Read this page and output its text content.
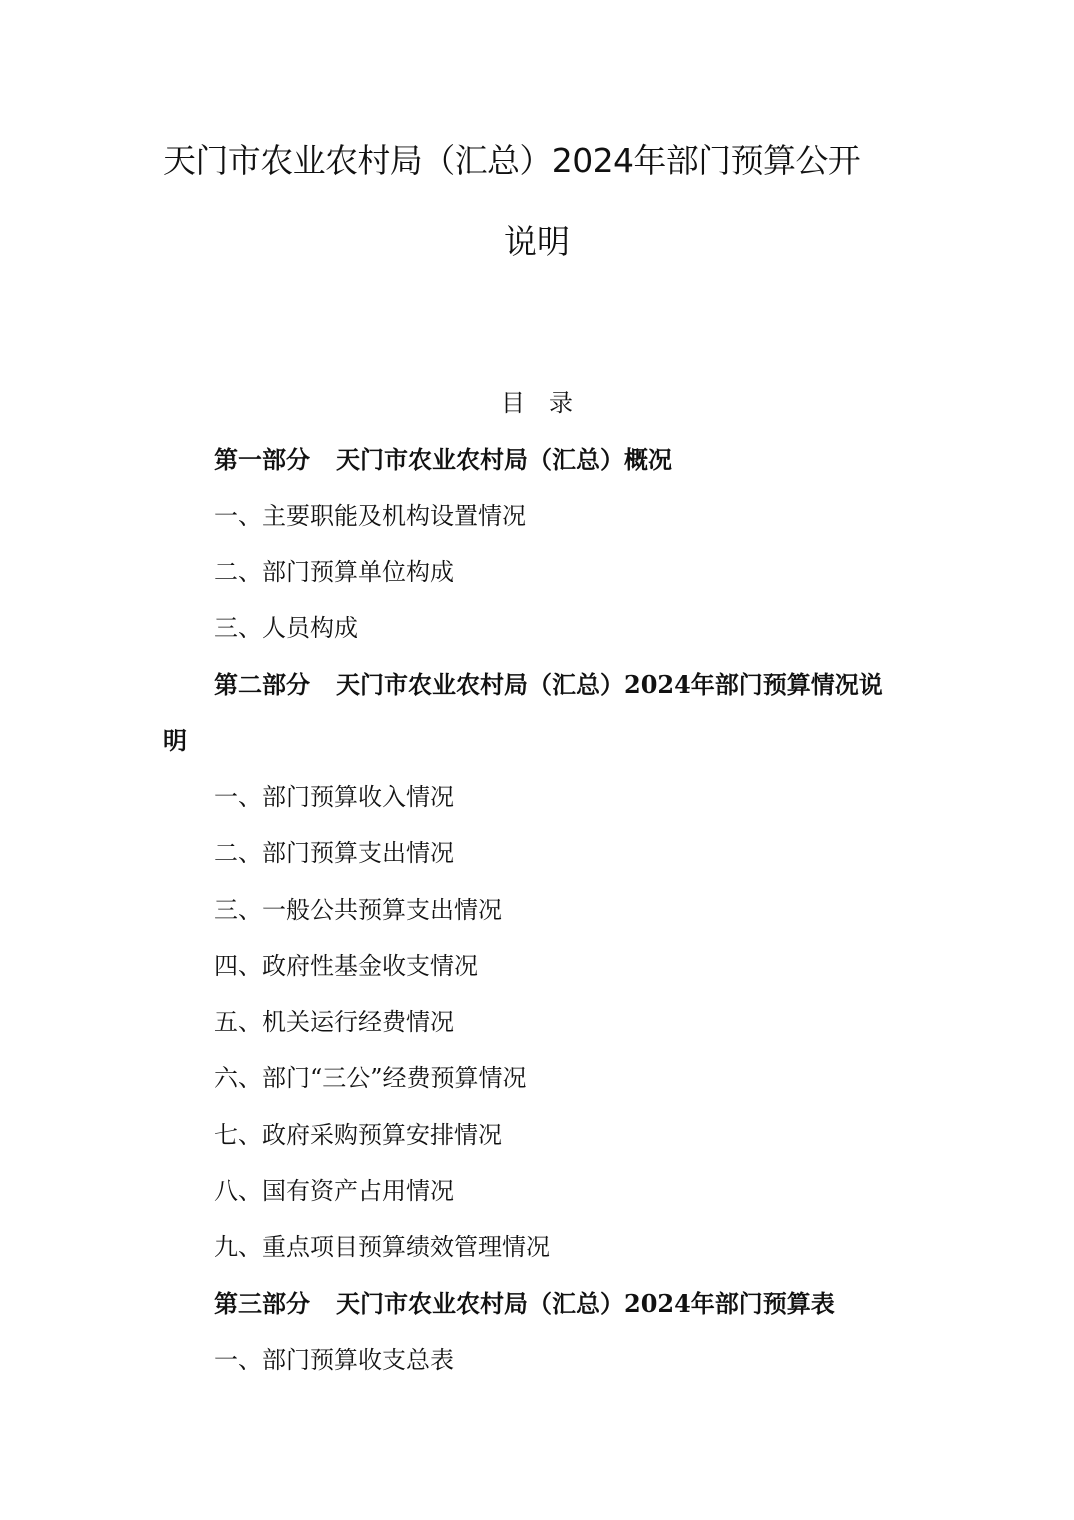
天门市农业农村局（汇总）2024年部门预算公开
说明
目录
第一部分 天门市农业农村局（汇总）概况
一、主要职能及机构设置情况
二、部门预算单位构成
三、人员构成
第二部分 天门市农业农村局（汇总）2024年部门预算情况说
明
一、部门预算收入情况
二、部门预算支出情况
三、一般公共预算支出情况
四、政府性基金收支情况
五、机关运行经费情况
六、部门“三公”经费预算情况
七、政府采购预算安排情况
八、国有资产占用情况
九、重点项目预算绩效管理情况
第三部分 天门市农业农村局（汇总）2024年部门预算表
一、部门预算收支总表
